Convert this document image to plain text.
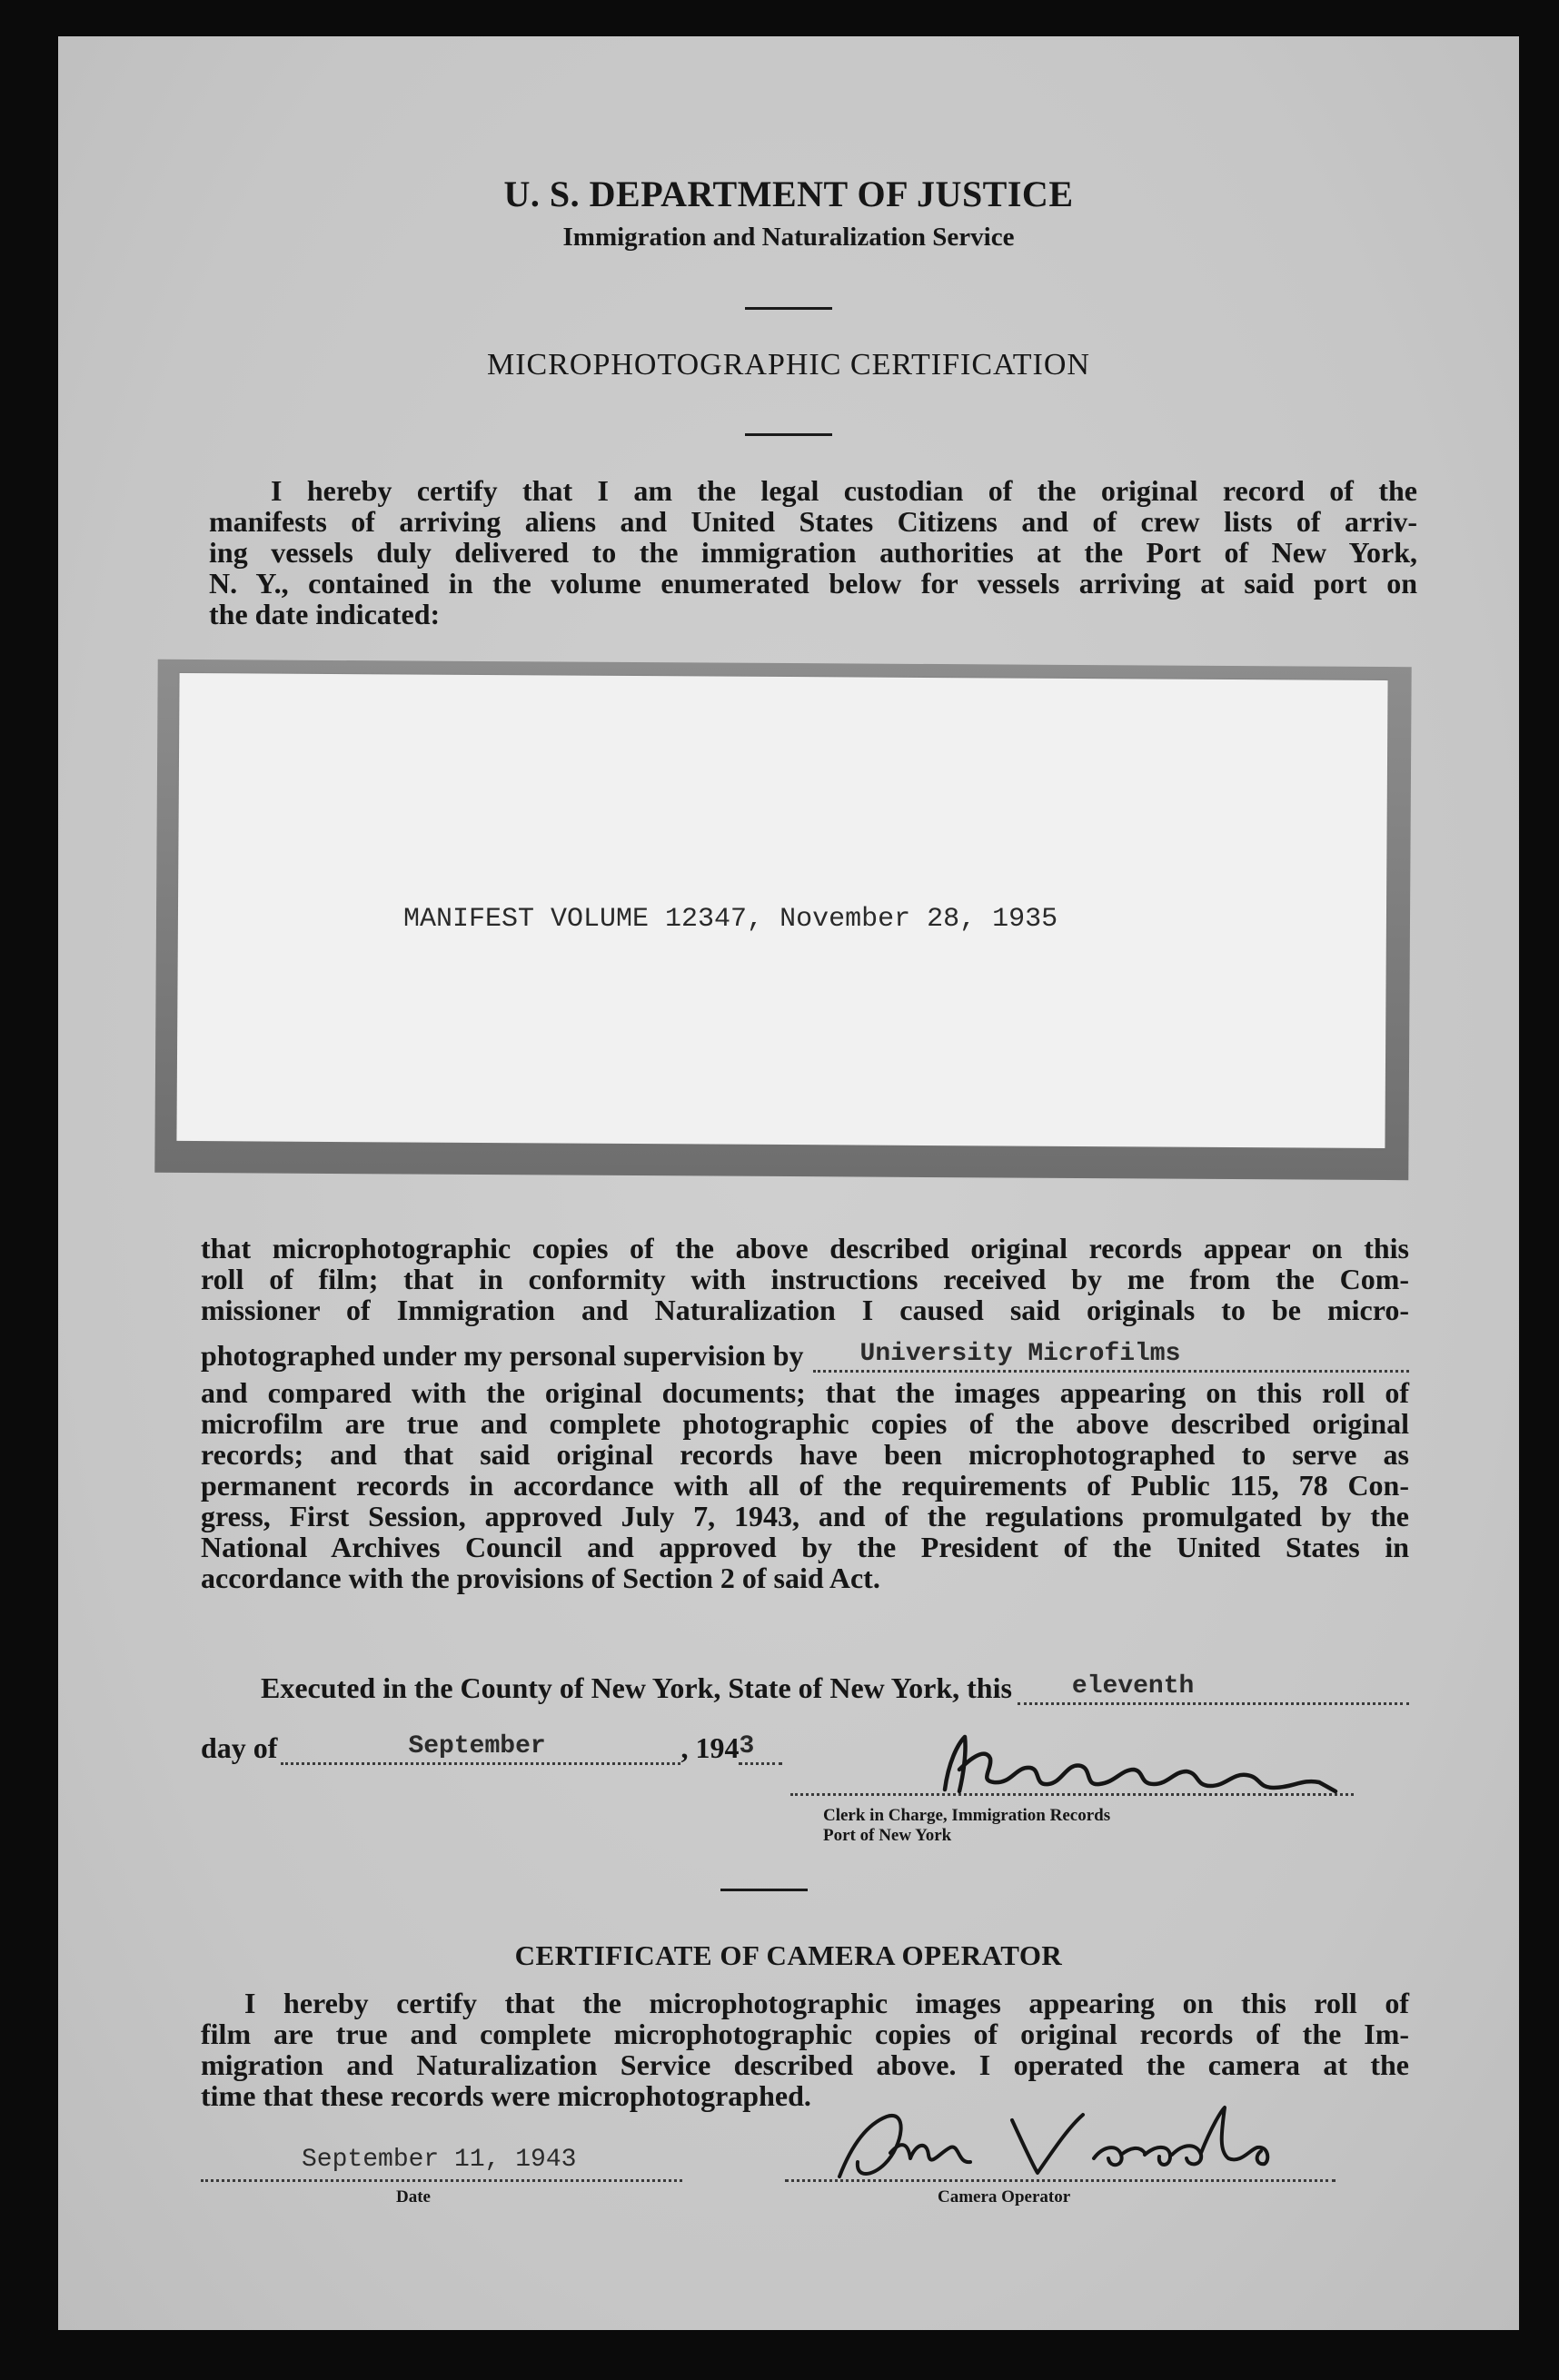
U. S. DEPARTMENT OF JUSTICE
Immigration and Naturalization Service
MICROPHOTOGRAPHIC CERTIFICATION
I hereby certify that I am the legal custodian of the original record of the
manifests of arriving aliens and United States Citizens and of crew lists of arriv-
ing vessels duly delivered to the immigration authorities at the Port of New York,
N. Y., contained in the volume enumerated below for vessels arriving at said port on
the date indicated:
MANIFEST VOLUME 12347, November 28, 1935
that microphotographic copies of the above described original records appear on this
roll of film; that in conformity with instructions received by me from the Com-
missioner of Immigration and Naturalization I caused said originals to be micro-
photographed under my personal supervision by University Microfilms
and compared with the original documents; that the images appearing on this roll of
microfilm are true and complete photographic copies of the above described original
records; and that said original records have been microphotographed to serve as
permanent records in accordance with all of the requirements of Public 115, 78 Con-
gress, First Session, approved July 7, 1943, and of the regulations promulgated by the
National Archives Council and approved by the President of the United States in
accordance with the provisions of Section 2 of said Act.
Executed in the County of New York, State of New York, this eleventh
day of	September	, 194 3
Clerk in Charge, Immigration Records
Port of New York
CERTIFICATE OF CAMERA OPERATOR
I hereby certify that the microphotographic images appearing on this roll of
film are true and complete microphotographic copies of original records of the Im-
migration and Naturalization Service described above. I operated the camera at the
time that these records were microphotographed.
September 11, 1943
Date	Camera Operator
